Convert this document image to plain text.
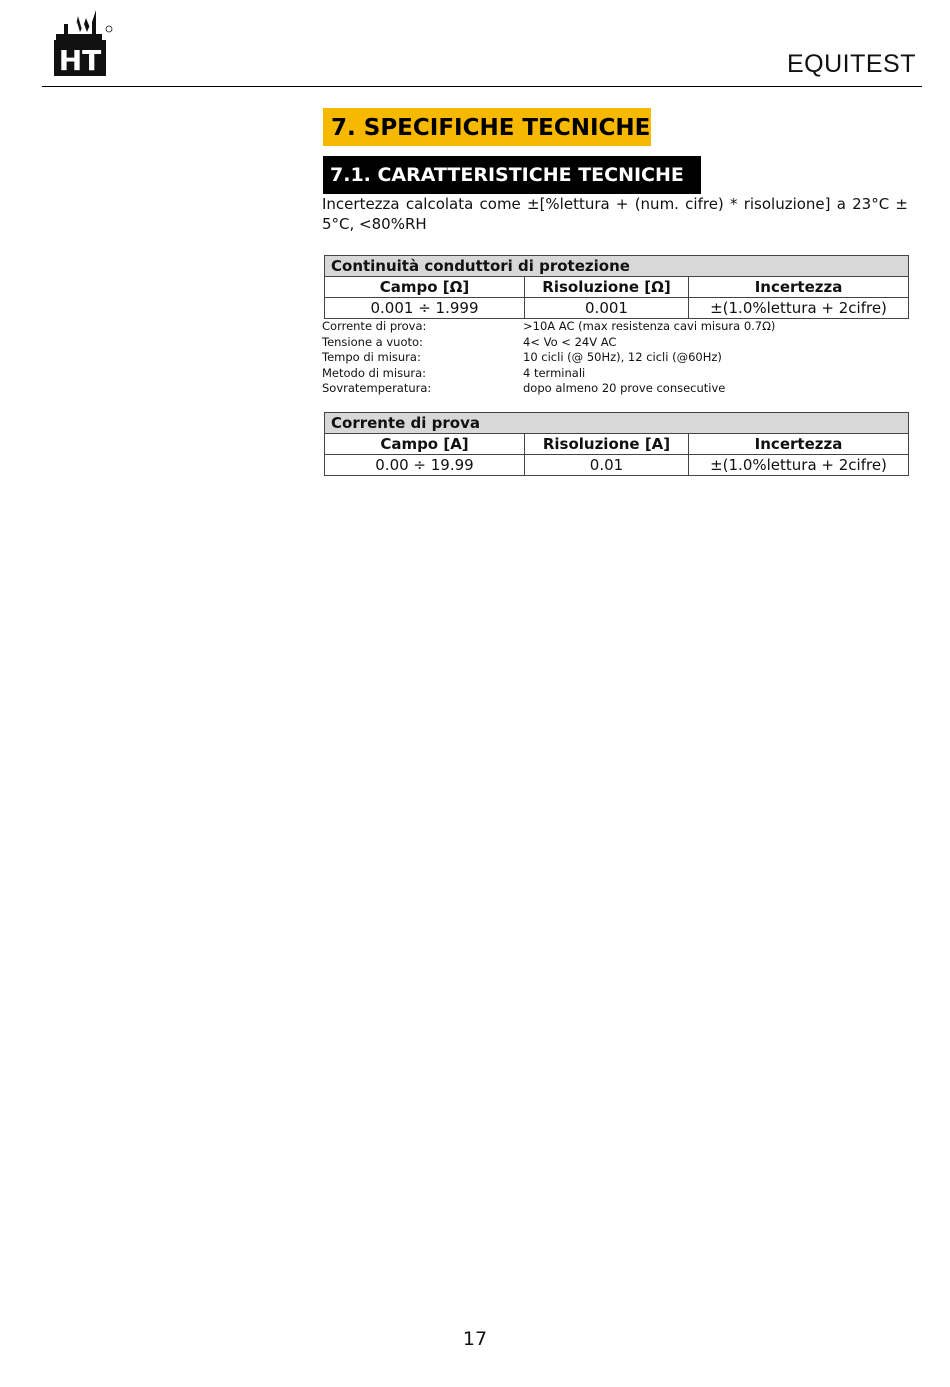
HT	EQUITEST
7. SPECIFICHE TECNICHE
7.1. CARATTERISTICHE TECNICHE
Incertezza calcolata come ±[%lettura + (num. cifre) * risoluzione] a 23°C ± 5°C, <80%RH
Continuità conduttori di protezione		
Campo [Ω]	Risoluzione [Ω]	Incertezza
0.001 ÷ 1.999	0.001	±(1.0%lettura + 2cifre)
Corrente di prova:	>10A AC (max resistenza cavi misura 0.7Ω)
Tensione a vuoto:	4< Vo < 24V AC
Tempo di misura:	10 cicli (@ 50Hz), 12 cicli (@60Hz)
Metodo di misura:	4 terminali
Sovratemperatura:	dopo almeno 20 prove consecutive
Corrente di prova		
Campo [A]	Risoluzione [A]	Incertezza
0.00 ÷ 19.99	0.01	±(1.0%lettura + 2cifre)
17
